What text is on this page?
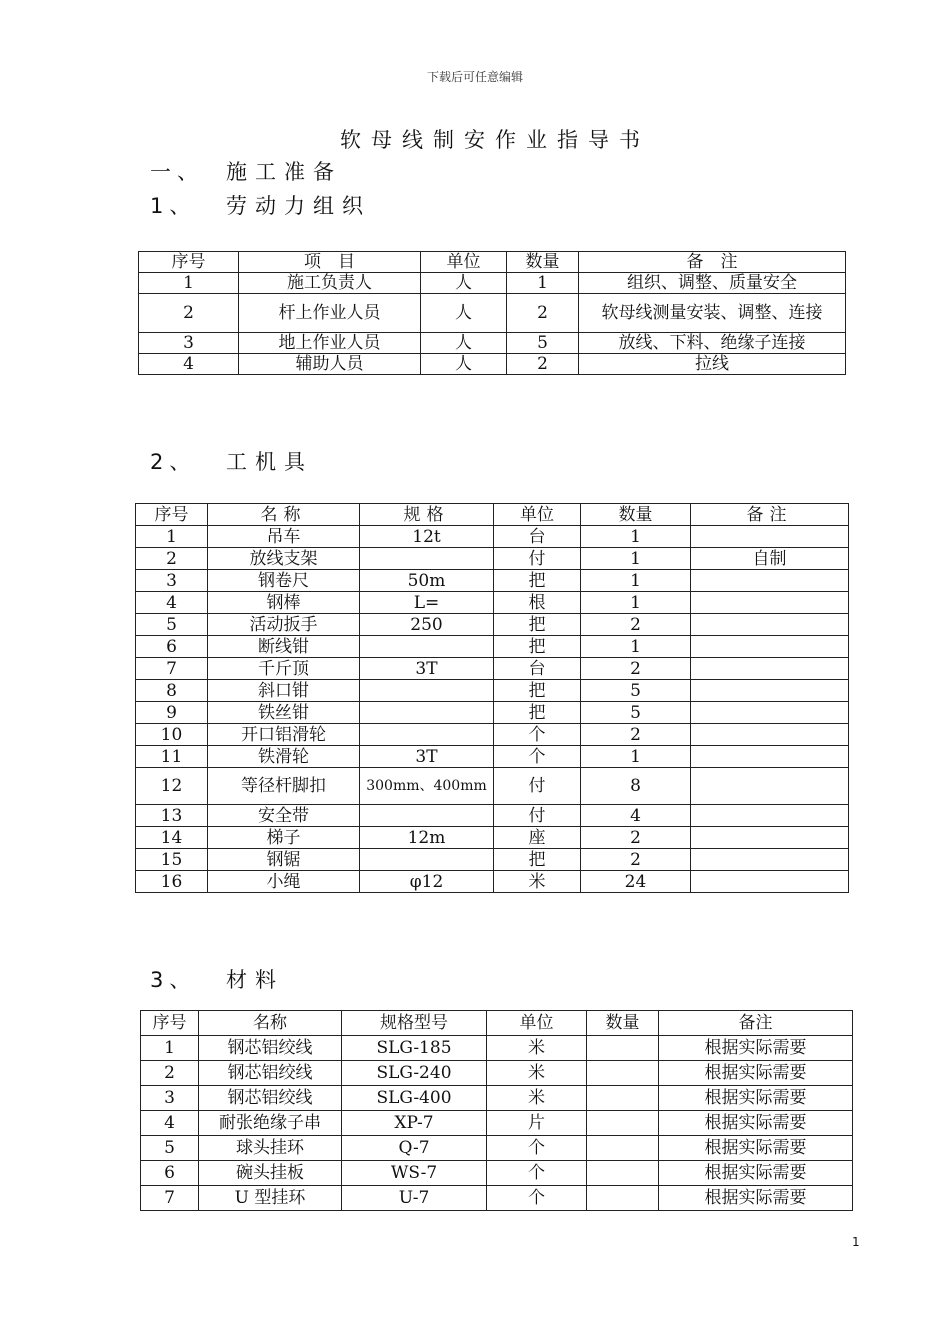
下载后可任意编辑
软母线制安作业指导书
一、 施工准备
1、 劳动力组织
序号	项　目	单位	数量	备　注
1	施工负责人	人	1	组织、调整、质量安全
2	杆上作业人员	人	2	软母线测量安装、调整、连接
3	地上作业人员	人	5	放线、下料、绝缘子连接
4	辅助人员	人	2	拉线
2、 工机具
序号	名称	规格	单位	数量	备注
1	吊车	12t	台	1	
2	放线支架		付	1	自制
3	钢卷尺	50m	把	1	
4	钢棒	L=	根	1	
5	活动扳手	250	把	2	
6	断线钳		把	1	
7	千斤顶	3T	台	2	
8	斜口钳		把	5	
9	铁丝钳		把	5	
10	开口铝滑轮		个	2	
11	铁滑轮	3T	个	1	
12	等径杆脚扣	300mm、400mm	付	8	
13	安全带		付	4	
14	梯子	12m	座	2	
15	钢锯		把	2	
16	小绳	φ12	米	24	
3、 材料
序号	名称	规格型号	单位	数量	备注
1	钢芯铝绞线	SLG-185	米		根据实际需要
2	钢芯铝绞线	SLG-240	米		根据实际需要
3	钢芯铝绞线	SLG-400	米		根据实际需要
4	耐张绝缘子串	XP-7	片		根据实际需要
5	球头挂环	Q-7	个		根据实际需要
6	碗头挂板	WS-7	个		根据实际需要
7	U 型挂环	U-7	个		根据实际需要
1
